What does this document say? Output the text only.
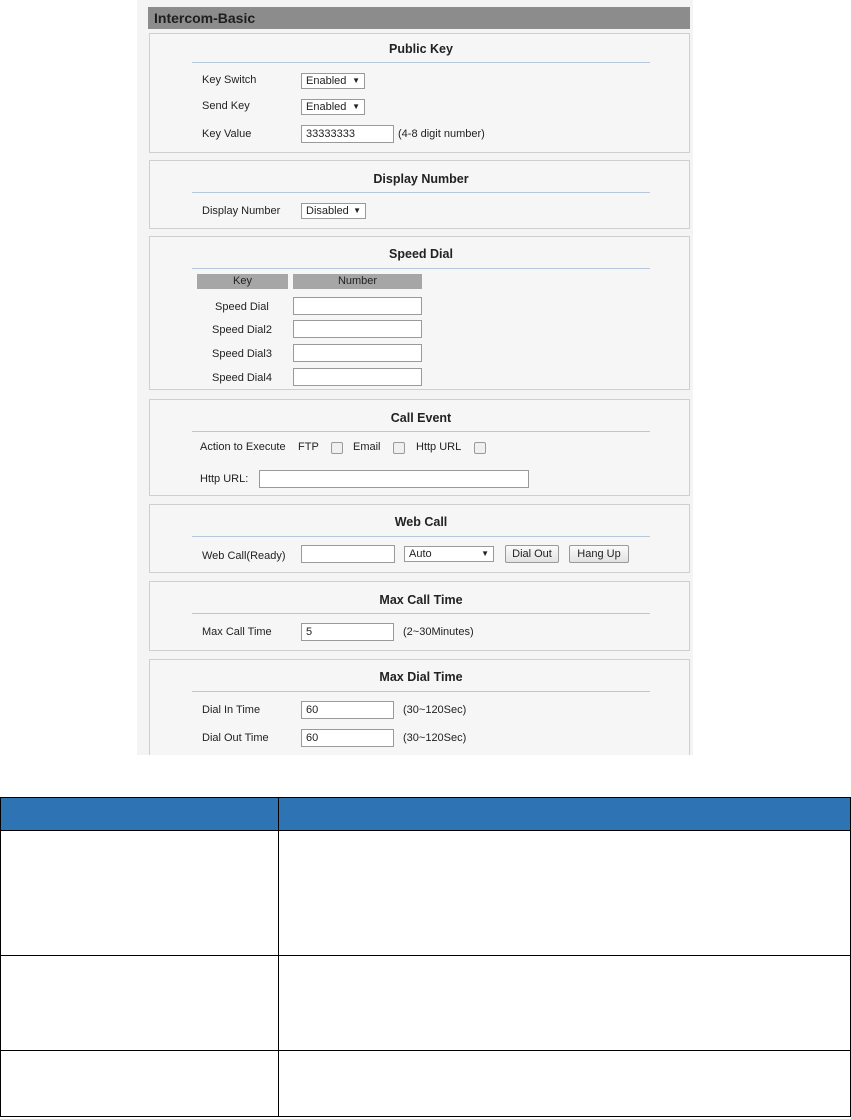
Intercom-Basic
Public Key
Key Switch	Enabled ▼
Send Key	Enabled ▼
Key Value	33333333	(4-8 digit number)
Display Number
Display Number	Disabled ▼
Speed Dial
Key	Number
Speed Dial
Speed Dial2
Speed Dial3
Speed Dial4
Call Event
Action to Execute FTP	Email	Http URL
Http URL:
Web Call
Web Call(Ready)	Auto	▼	Dial Out	Hang Up
Max Call Time
Max Call Time	5	(2~30Minutes)
Max Dial Time
Dial In Time	60	(30~120Sec)
Dial Out Time	60	(30~120Sec)
